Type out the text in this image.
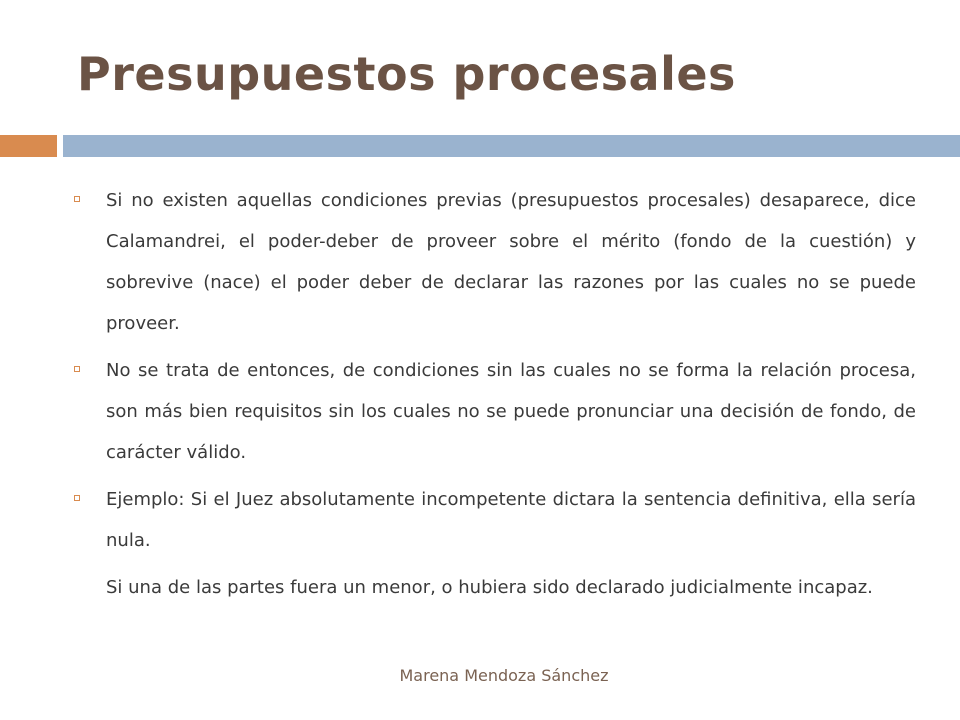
Presupuestos procesales

Si no existen aquellas condiciones previas (presupuestos procesales) desaparece, dice Calamandrei, el poder-deber de proveer sobre el mérito (fondo de la cuestión) y sobrevive (nace) el poder deber de declarar las razones por las cuales no se puede proveer.

No se trata de entonces, de condiciones sin las cuales no se forma la relación procesa, son más bien requisitos sin los cuales no se puede pronunciar una decisión de fondo, de carácter válido.

Ejemplo: Si el Juez absolutamente incompetente dictara la sentencia definitiva, ella sería nula.

Si una de las partes fuera un menor, o hubiera sido declarado judicialmente incapaz.

Marena Mendoza Sánchez
